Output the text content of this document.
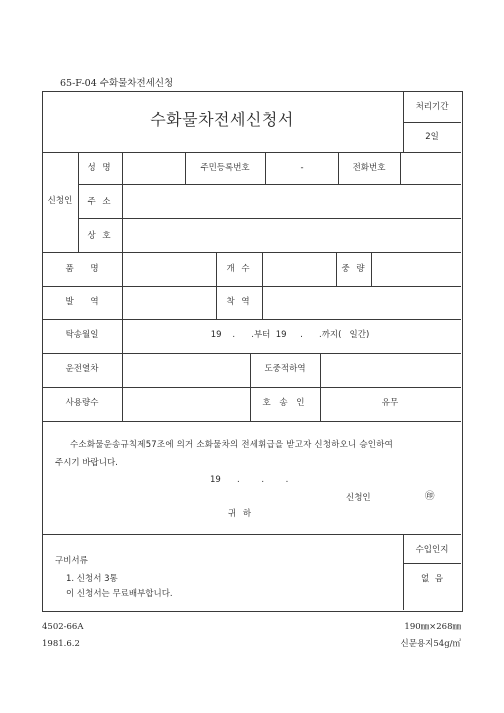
65-F-04 수화물차전세신청
수화물차전세신청서
처리기간
2일
신청인
성 명	주민등록번호	-	전화번호
주 소
상 호
품 명	개 수	중 량
발 역	착 역
탁송월일	19    .      .부터  19     .      .까지(   일간)
운전열차	도중적하역
사용량수	호 송 인	유무
수소화물운송규칙제57조에 의거 소화물차의 전세휘급을 받고자 신청하오니 승인하여
주시기 바랍니다.
19      .        .        .
신청인	㊞
귀 하
구비서류
1. 신청서 3통
이 신청서는 무료배부합니다.
수입인지
없 음
4502-66A
1981.6.2
190㎜×268㎜
신문용지54g/㎡
